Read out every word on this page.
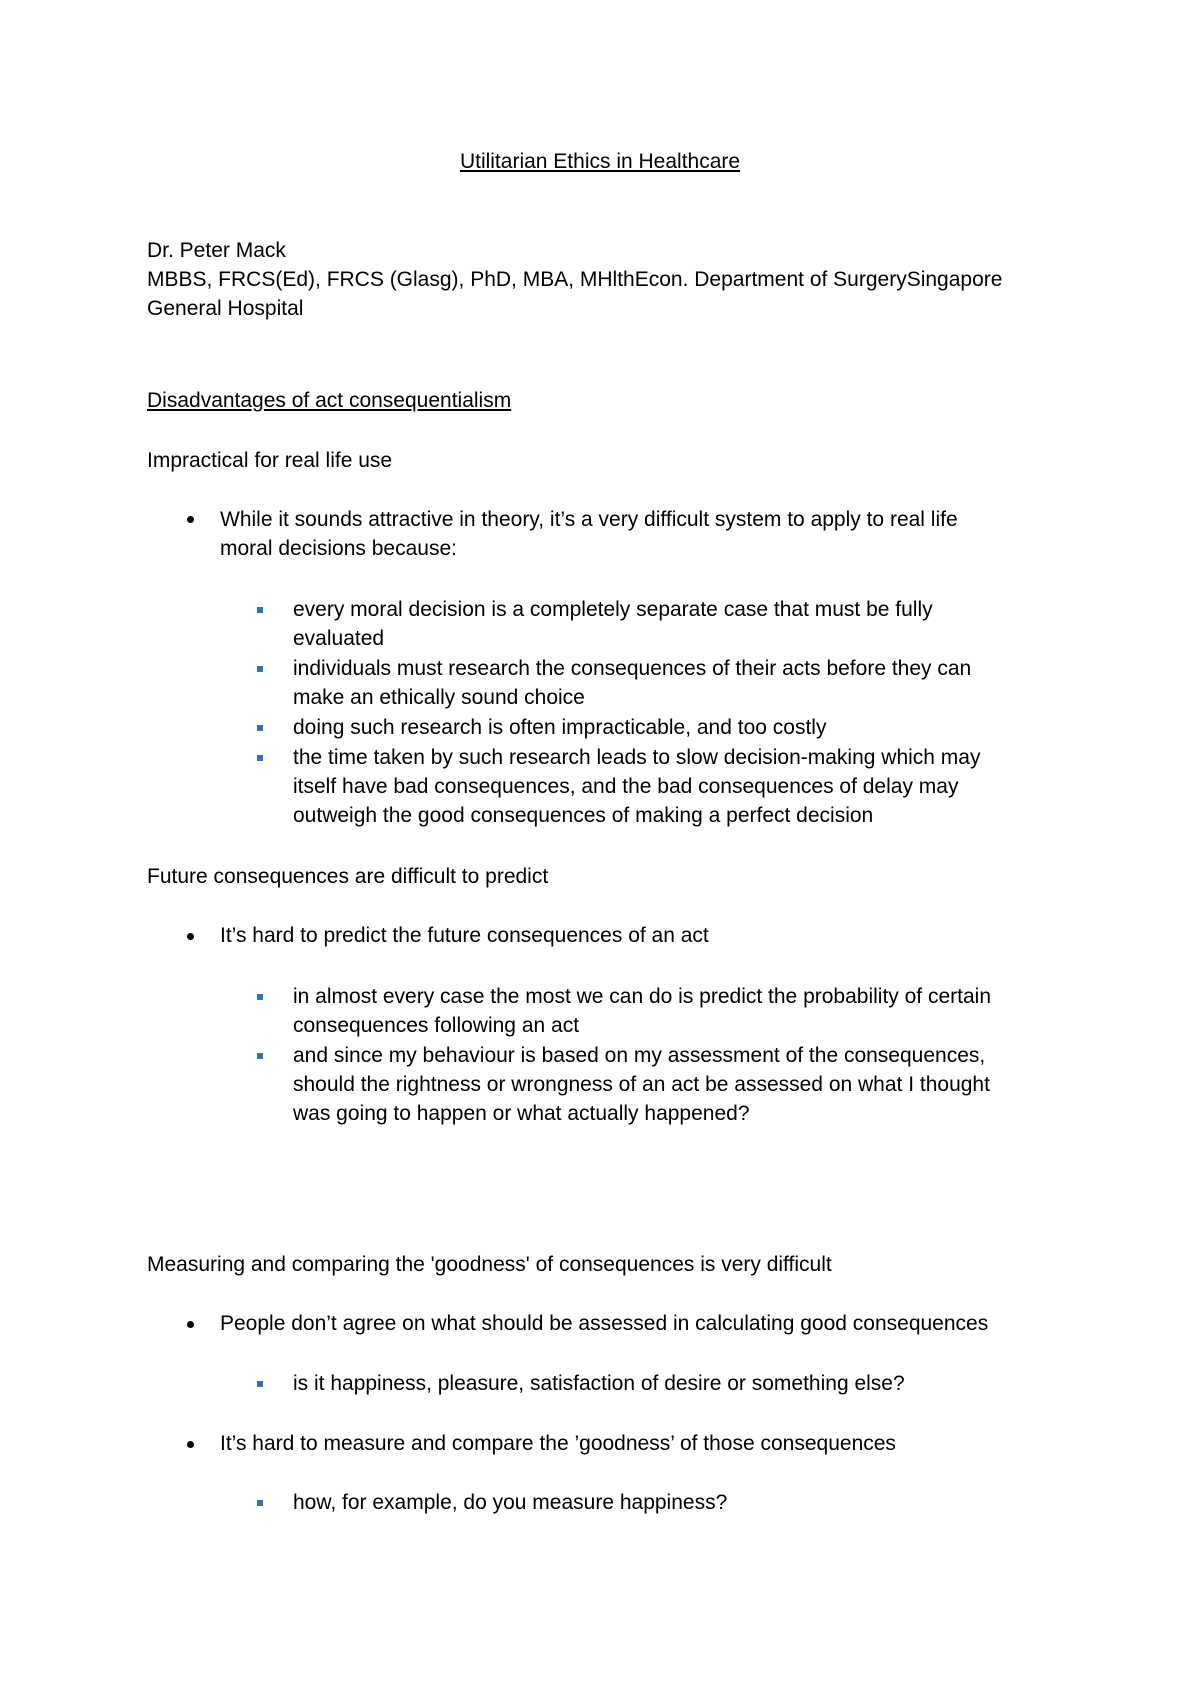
Utilitarian Ethics in Healthcare

Dr. Peter Mack

MBBS, FRCS(Ed), FRCS (Glasg), PhD, MBA, MHlthEcon. Department of SurgerySingapore

General Hospital

Disadvantages of act consequentialism

Impractical for real life use

While it sounds attractive in theory, it’s a very difficult system to apply to real life

moral decisions because:

every moral decision is a completely separate case that must be fully

evaluated

individuals must research the consequences of their acts before they can

make an ethically sound choice

doing such research is often impracticable, and too costly

the time taken by such research leads to slow decision-making which may

itself have bad consequences, and the bad consequences of delay may

outweigh the good consequences of making a perfect decision

Future consequences are difficult to predict

It’s hard to predict the future consequences of an act

in almost every case the most we can do is predict the probability of certain

consequences following an act

and since my behaviour is based on my assessment of the consequences,

should the rightness or wrongness of an act be assessed on what I thought

was going to happen or what actually happened?

Measuring and comparing the 'goodness' of consequences is very difficult

People don’t agree on what should be assessed in calculating good consequences

is it happiness, pleasure, satisfaction of desire or something else?

It’s hard to measure and compare the ’goodness’ of those consequences

how, for example, do you measure happiness?
